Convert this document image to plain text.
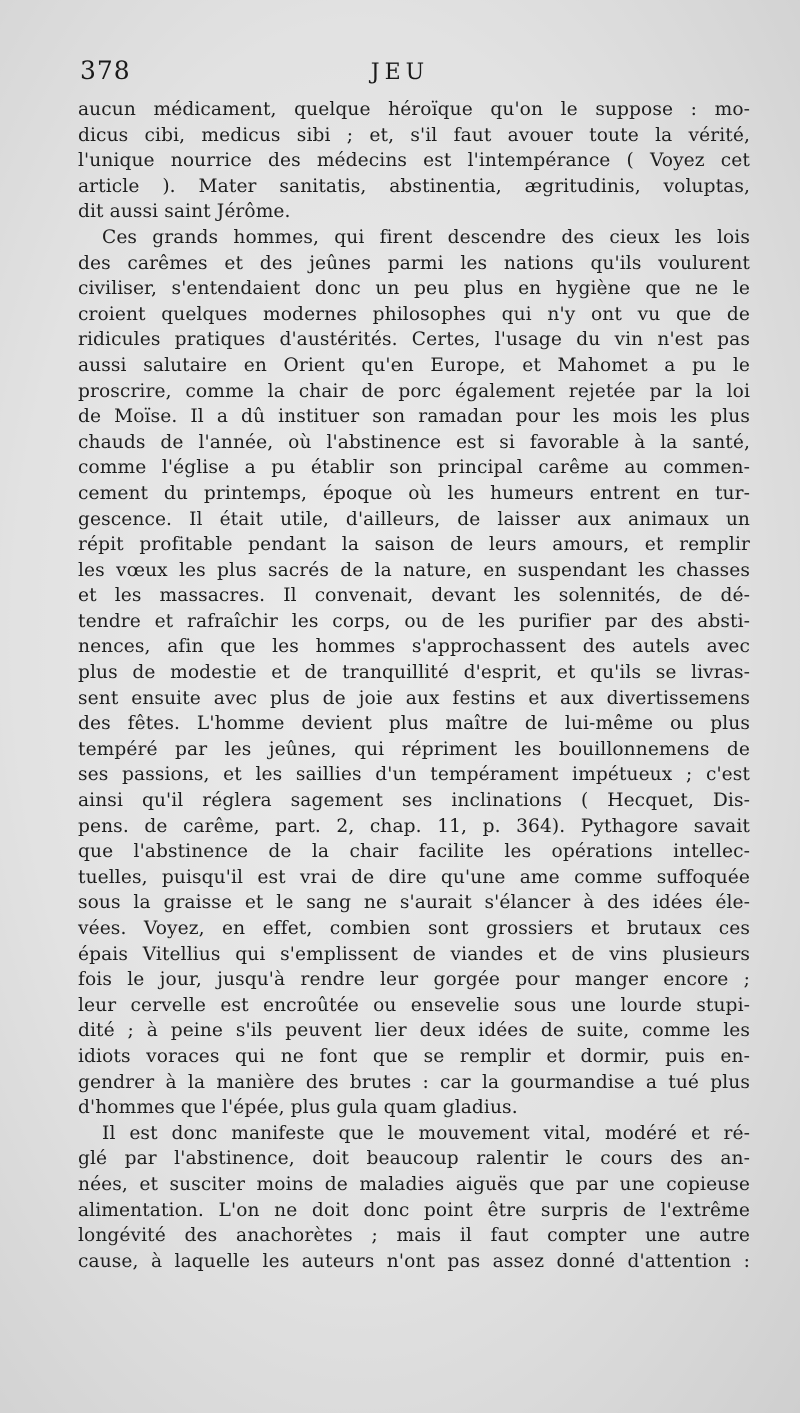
378	JEU
aucun médicament, quelque héroïque qu'on le suppose : mo-
dicus cibi, medicus sibi ; et, s'il faut avouer toute la vérité,
l'unique nourrice des médecins est l'intempérance ( Voyez cet
article ). Mater sanitatis, abstinentia, ægritudinis, voluptas,
dit aussi saint Jérôme.
Ces grands hommes, qui firent descendre des cieux les lois
des carêmes et des jeûnes parmi les nations qu'ils voulurent
civiliser, s'entendaient donc un peu plus en hygiène que ne le
croient quelques modernes philosophes qui n'y ont vu que de
ridicules pratiques d'austérités. Certes, l'usage du vin n'est pas
aussi salutaire en Orient qu'en Europe, et Mahomet a pu le
proscrire, comme la chair de porc également rejetée par la loi
de Moïse. Il a dû instituer son ramadan pour les mois les plus
chauds de l'année, où l'abstinence est si favorable à la santé,
comme l'église a pu établir son principal carême au commen-
cement du printemps, époque où les humeurs entrent en tur-
gescence. Il était utile, d'ailleurs, de laisser aux animaux un
répit profitable pendant la saison de leurs amours, et remplir
les vœux les plus sacrés de la nature, en suspendant les chasses
et les massacres. Il convenait, devant les solennités, de dé-
tendre et rafraîchir les corps, ou de les purifier par des absti-
nences, afin que les hommes s'approchassent des autels avec
plus de modestie et de tranquillité d'esprit, et qu'ils se livras-
sent ensuite avec plus de joie aux festins et aux divertissemens
des fêtes. L'homme devient plus maître de lui-même ou plus
tempéré par les jeûnes, qui répriment les bouillonnemens de
ses passions, et les saillies d'un tempérament impétueux ; c'est
ainsi qu'il réglera sagement ses inclinations ( Hecquet, Dis-
pens. de carême, part. 2, chap. 11, p. 364). Pythagore savait
que l'abstinence de la chair facilite les opérations intellec-
tuelles, puisqu'il est vrai de dire qu'une ame comme suffoquée
sous la graisse et le sang ne s'aurait s'élancer à des idées éle-
vées. Voyez, en effet, combien sont grossiers et brutaux ces
épais Vitellius qui s'emplissent de viandes et de vins plusieurs
fois le jour, jusqu'à rendre leur gorgée pour manger encore ;
leur cervelle est encroûtée ou ensevelie sous une lourde stupi-
dité ; à peine s'ils peuvent lier deux idées de suite, comme les
idiots voraces qui ne font que se remplir et dormir, puis en-
gendrer à la manière des brutes : car la gourmandise a tué plus
d'hommes que l'épée, plus gula quam gladius.
Il est donc manifeste que le mouvement vital, modéré et ré-
glé par l'abstinence, doit beaucoup ralentir le cours des an-
nées, et susciter moins de maladies aiguës que par une copieuse
alimentation. L'on ne doit donc point être surpris de l'extrême
longévité des anachorètes ; mais il faut compter une autre
cause, à laquelle les auteurs n'ont pas assez donné d'attention :
